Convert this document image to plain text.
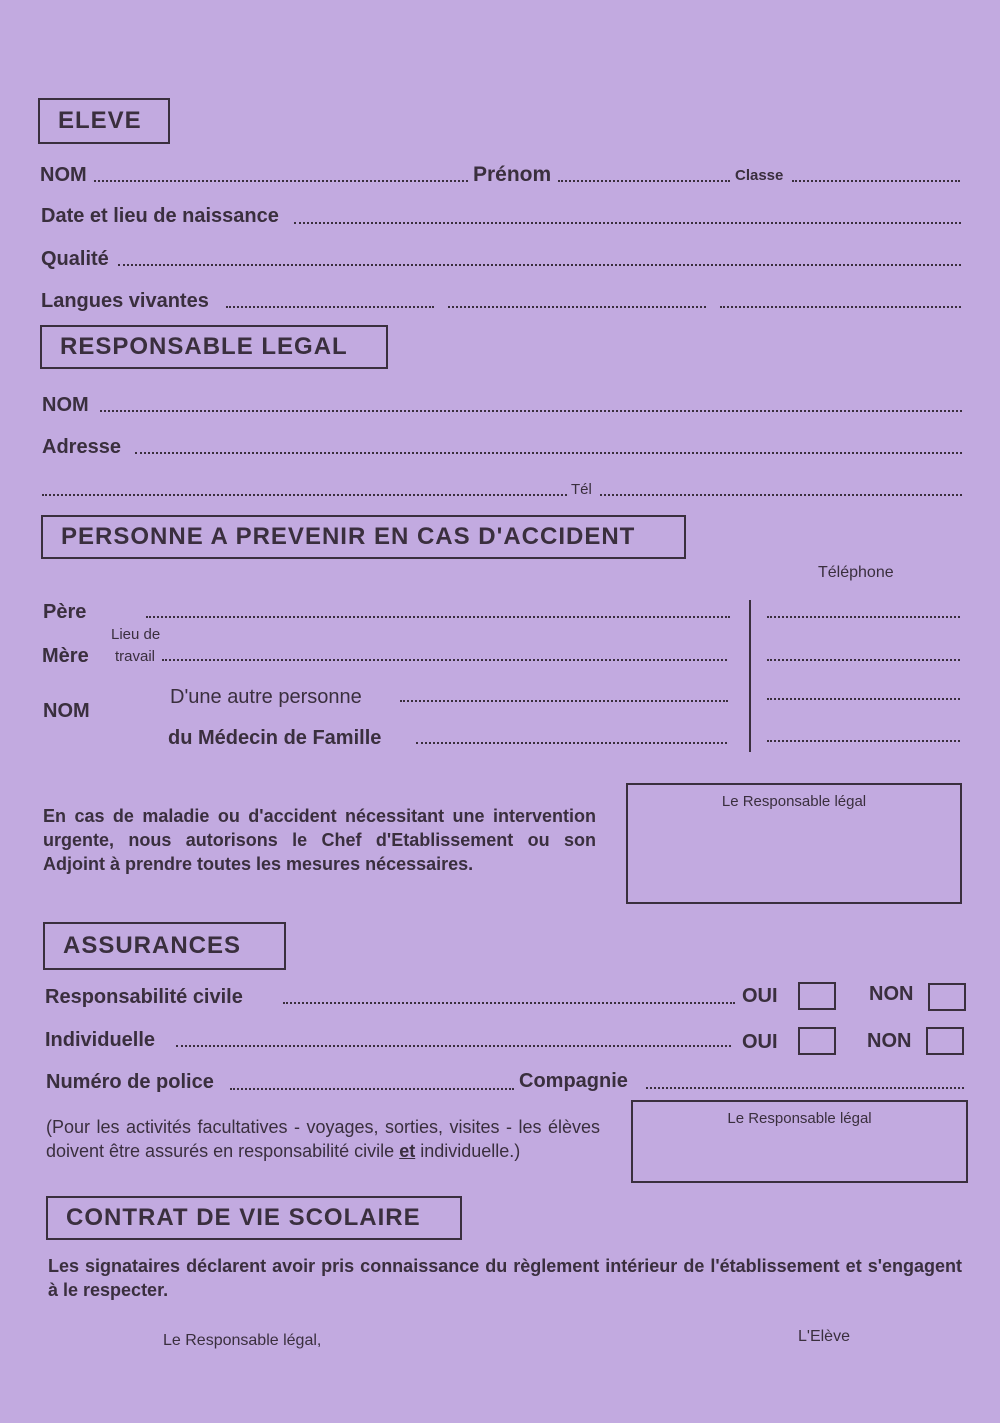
ELEVE
NOM	Prénom	Classe
Date et lieu de naissance
Qualité
Langues vivantes
RESPONSABLE LEGAL
NOM
Adresse
Tél
PERSONNE A PREVENIR EN CAS D'ACCIDENT
Téléphone
Père
Lieu de
Mère travail
NOM
D'une autre personne
du Médecin de Famille
En cas de maladie ou d'accident nécessitant une intervention urgente, nous autorisons le Chef d'Etablissement ou son Adjoint à prendre toutes les mesures nécessaires.
Le Responsable légal
ASSURANCES
Responsabilité civile	OUI	NON
Individuelle	OUI	NON
Numéro de police	Compagnie
(Pour les activités facultatives - voyages, sorties, visites - les élèves doivent être assurés en responsabilité civile et individuelle.)
Le Responsable légal
CONTRAT DE VIE SCOLAIRE
Les signataires déclarent avoir pris connaissance du règlement intérieur de l'établissement et s'engagent à le respecter.
Le Responsable légal,	L'Elève
